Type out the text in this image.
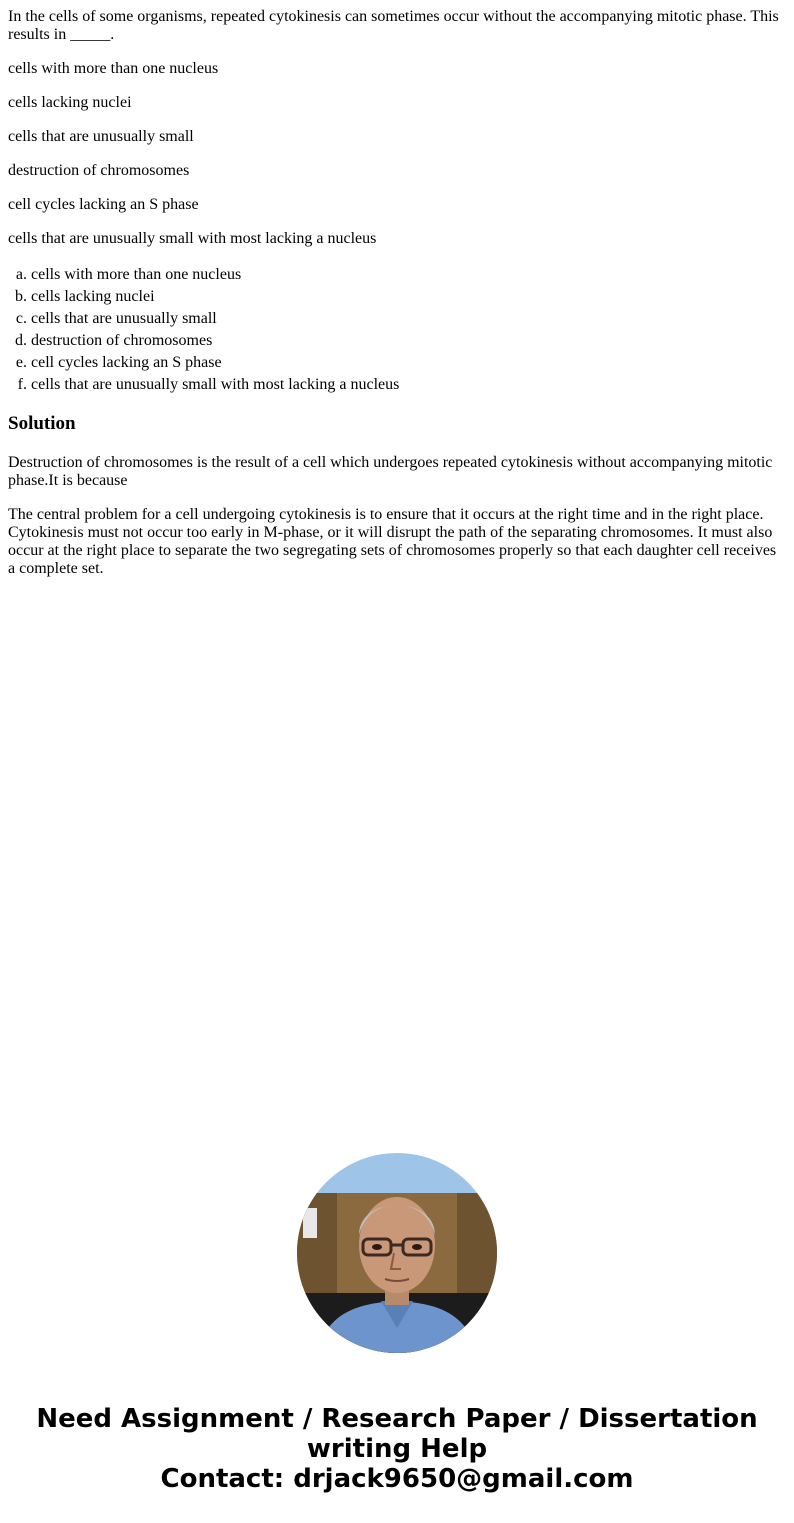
In the cells of some organisms, repeated cytokinesis can sometimes occur without the accompanying mitotic phase. This results in _____.

cells with more than one nucleus

cells lacking nuclei

cells that are unusually small

destruction of chromosomes

cell cycles lacking an S phase

cells that are unusually small with most lacking a nucleus

a. cells with more than one nucleus
b. cells lacking nuclei
c. cells that are unusually small
d. destruction of chromosomes
e. cell cycles lacking an S phase
f. cells that are unusually small with most lacking a nucleus
Solution

Destruction of chromosomes is the result of a cell which undergoes repeated cytokinesis without accompanying mitotic phase.It is because

The central problem for a cell undergoing cytokinesis is to ensure that it occurs at the right time and in the right place. Cytokinesis must not occur too early in M-phase, or it will disrupt the path of the separating chromosomes. It must also occur at the right place to separate the two segregating sets of chromosomes properly so that each daughter cell receives a complete set.

Need Assignment / Research Paper / Dissertation
writing Help
Contact: drjack9650@gmail.com
